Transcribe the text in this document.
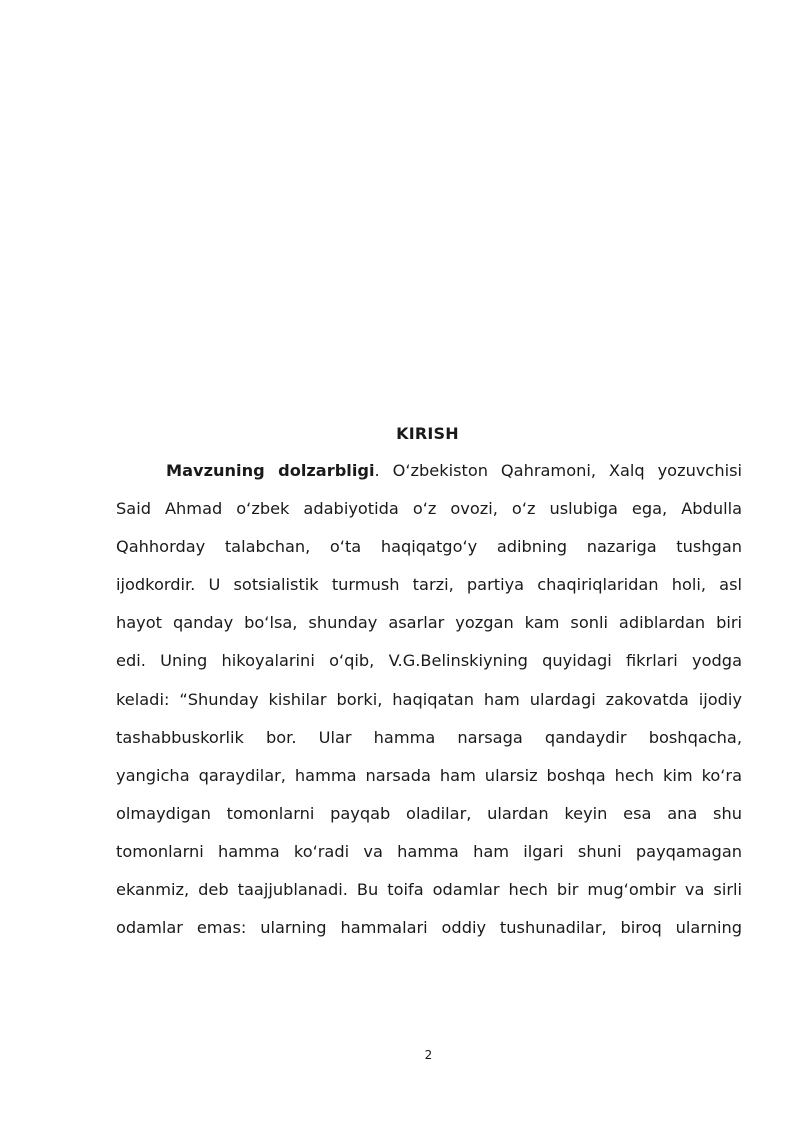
KIRISH
Mavzuning dolzarbligi. O‘zbekiston Qahramoni, Xalq yozuvchisi
Said Ahmad o‘zbek adabiyotida o‘z ovozi, o‘z uslubiga ega, Abdulla
Qahhorday talabchan, o‘ta haqiqatgo‘y adibning nazariga tushgan
ijodkordir. U sotsialistik turmush tarzi, partiya chaqiriqlaridan holi, asl
hayot qanday bo‘lsa, shunday asarlar yozgan kam sonli adiblardan biri
edi. Uning hikoyalarini o‘qib, V.G.Belinskiyning quyidagi fikrlari yodga
keladi: “Shunday kishilar borki, haqiqatan ham ulardagi zakovatda ijodiy
tashabbuskorlik bor. Ular hamma narsaga qandaydir boshqacha,
yangicha qaraydilar, hamma narsada ham ularsiz boshqa hech kim ko‘ra
olmaydigan tomonlarni payqab oladilar, ulardan keyin esa ana shu
tomonlarni hamma ko‘radi va hamma ham ilgari shuni payqamagan
ekanmiz, deb taajjublanadi. Bu toifa odamlar hech bir mug‘ombir va sirli
odamlar emas: ularning hammalari oddiy tushunadilar, biroq ularning
2
